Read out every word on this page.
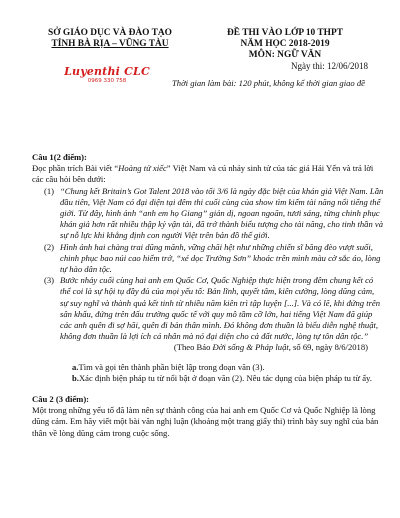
SỞ GIÁO DỤC VÀ ĐÀO TẠO
TỈNH BÀ RỊA – VŨNG TÀU
ĐỀ THI VÀO LỚP 10 THPT
NĂM HỌC 2018-2019
MÔN: NGỮ VĂN
Ngày thi: 12/06/2018
Luyenthi CLC
0969 330 758	Thời gian làm bài: 120 phút, không kể thời gian giao đề

Câu 1(2 điểm):

Đọc phần trích Bài viết “Hoàng tử xiếc” Việt Nam và cú nhảy sinh tử của tác giả Hải Yến và trả lời các câu hỏi bên dưới:

(1) “Chung kết Britain’s Got Talent 2018 vào tối 3/6 là ngày đặc biệt của khán giả Việt Nam. Lần đầu tiên, Việt Nam có đại diện tại đêm thi cuối cùng của show tìm kiếm tài năng nổi tiếng thế giới. Từ đây, hình ảnh “anh em họ Giang” giản dị, ngoan ngoãn, tươi sáng, từng chinh phục khán giả hơn rất nhiều thập kỷ vận tài, đã trở thành biểu tượng cho tài năng, cho tinh thần và sự nỗ lực khi khẳng định con người Việt trên bản đồ thế giới.
(2) Hình ảnh hai chàng trai dũng mãnh, vững chãi hệt như những chiến sĩ băng đèo vượt suối, chinh phục bao núi cao hiểm trở, “xé dọc Trường Sơn” khoác trên mình màu cờ sắc áo, lòng tự hào dân tộc.
(3) Bước nhảy cuối cùng hai anh em Quốc Cơ, Quốc Nghiệp thực hiện trong đêm chung kết có thể coi là sự hội tụ đầy đủ của mọi yếu tố: Bản lĩnh, quyết tâm, kiên cường, lòng dũng cảm, sự suy nghĩ và thành quả kết tinh từ nhiều năm kiên trì tập luyện [...]. Và có lẽ, khi đứng trên sân khấu, đứng trên đấu trường quốc tế với quy mô tầm cỡ lớn, hai tiếng Việt Nam đã giúp các anh quên đi sợ hãi, quên đi bản thân mình. Đó không đơn thuần là biểu diễn nghệ thuật, không đơn thuần là lợi ích cá nhân mà nó đại diện cho cả đất nước, lòng tự tôn dân tộc.”

(Theo Báo Đời sống & Pháp luật, số 69, ngày 8/6/2018)

a.Tìm và gọi tên thành phần biệt lập trong đoạn văn (3).

b.Xác định biện pháp tu từ nổi bật ở đoạn văn (2). Nêu tác dụng của biện pháp tu từ ấy.

Câu 2 (3 điểm):

Một trong những yếu tố đã làm nên sự thành công của hai anh em Quốc Cơ và Quốc Nghiệp là lòng dũng cảm. Em hãy viết một bài văn nghị luận (khoảng một trang giấy thi) trình bày suy nghĩ của bản thân về lòng dũng cảm trong cuộc sống.
